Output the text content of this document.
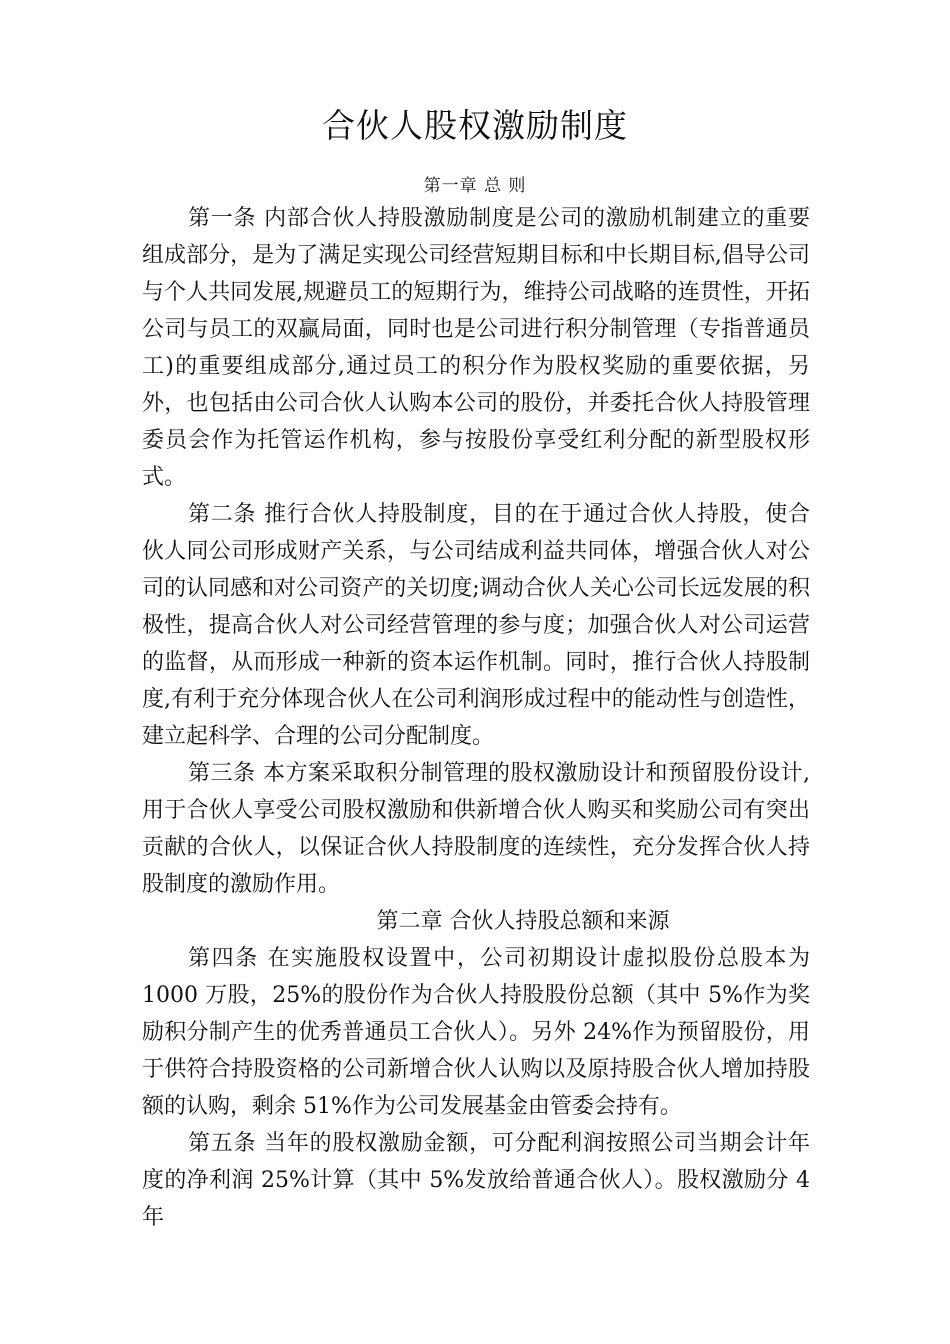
合伙人股权激励制度
第一章 总 则

第一条 内部合伙人持股激励制度是公司的激励机制建立的重要组成部分，是为了满足实现公司经营短期目标和中长期目标,倡导公司与个人共同发展,规避员工的短期行为，维持公司战略的连贯性，开拓公司与员工的双赢局面，同时也是公司进行积分制管理（专指普通员工)的重要组成部分,通过员工的积分作为股权奖励的重要依据，另外，也包括由公司合伙人认购本公司的股份，并委托合伙人持股管理委员会作为托管运作机构，参与按股份享受红利分配的新型股权形式。

第二条 推行合伙人持股制度，目的在于通过合伙人持股，使合伙人同公司形成财产关系，与公司结成利益共同体，增强合伙人对公司的认同感和对公司资产的关切度;调动合伙人关心公司长远发展的积极性，提高合伙人对公司经营管理的参与度；加强合伙人对公司运营的监督，从而形成一种新的资本运作机制。同时，推行合伙人持股制度,有利于充分体现合伙人在公司利润形成过程中的能动性与创造性，建立起科学、合理的公司分配制度。

第三条 本方案采取积分制管理的股权激励设计和预留股份设计,用于合伙人享受公司股权激励和供新增合伙人购买和奖励公司有突出贡献的合伙人，以保证合伙人持股制度的连续性，充分发挥合伙人持股制度的激励作用。

第二章 合伙人持股总额和来源

第四条 在实施股权设置中，公司初期设计虚拟股份总股本为1000 万股，25%的股份作为合伙人持股股份总额（其中 5%作为奖励积分制产生的优秀普通员工合伙人）。另外 24%作为预留股份，用于供符合持股资格的公司新增合伙人认购以及原持股合伙人增加持股额的认购，剩余 51%作为公司发展基金由管委会持有。

第五条 当年的股权激励金额，可分配利润按照公司当期会计年度的净利润 25%计算（其中 5%发放给普通合伙人）。股权激励分 4 年
